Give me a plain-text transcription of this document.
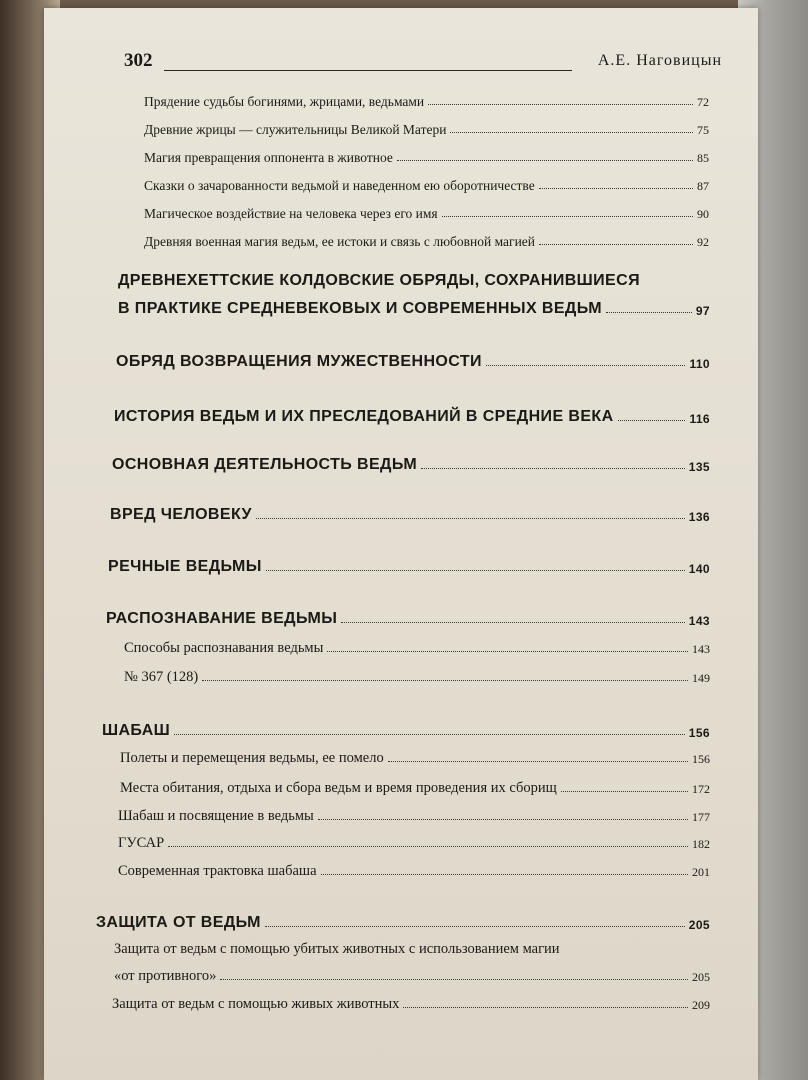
302	А.Е. Наговицын
Прядение судьбы богинями, жрицами, ведьмами	72
Древние жрицы — служительницы Великой Матери	75
Магия превращения оппонента в животное	85
Сказки о зачарованности ведьмой и наведенном ею оборотничестве	87
Магическое воздействие на человека через его имя	90
Древняя военная магия ведьм, ее истоки и связь с любовной магией	92
ДРЕВНЕХЕТТСКИЕ КОЛДОВСКИЕ ОБРЯДЫ, СОХРАНИВШИЕСЯ
В ПРАКТИКЕ СРЕДНЕВЕКОВЫХ И СОВРЕМЕННЫХ ВЕДЬМ	97
ОБРЯД ВОЗВРАЩЕНИЯ МУЖЕСТВЕННОСТИ	110
ИСТОРИЯ ВЕДЬМ И ИХ ПРЕСЛЕДОВАНИЙ В СРЕДНИЕ ВЕКА	116
ОСНОВНАЯ ДЕЯТЕЛЬНОСТЬ ВЕДЬМ	135
ВРЕД ЧЕЛОВЕКУ	136
РЕЧНЫЕ ВЕДЬМЫ	140
РАСПОЗНАВАНИЕ ВЕДЬМЫ	143
Способы распознавания ведьмы	143
№ 367 (128)	149
ШАБАШ	156
Полеты и перемещения ведьмы, ее помело	156
Места обитания, отдыха и сбора ведьм и время проведения их сборищ	172
Шабаш и посвящение в ведьмы	177
ГУСАР	182
Современная трактовка шабаша	201
ЗАЩИТА ОТ ВЕДЬМ	205
Защита от ведьм с помощью убитых животных с использованием магии
«от противного»	205
Защита от ведьм с помощью живых животных	209
